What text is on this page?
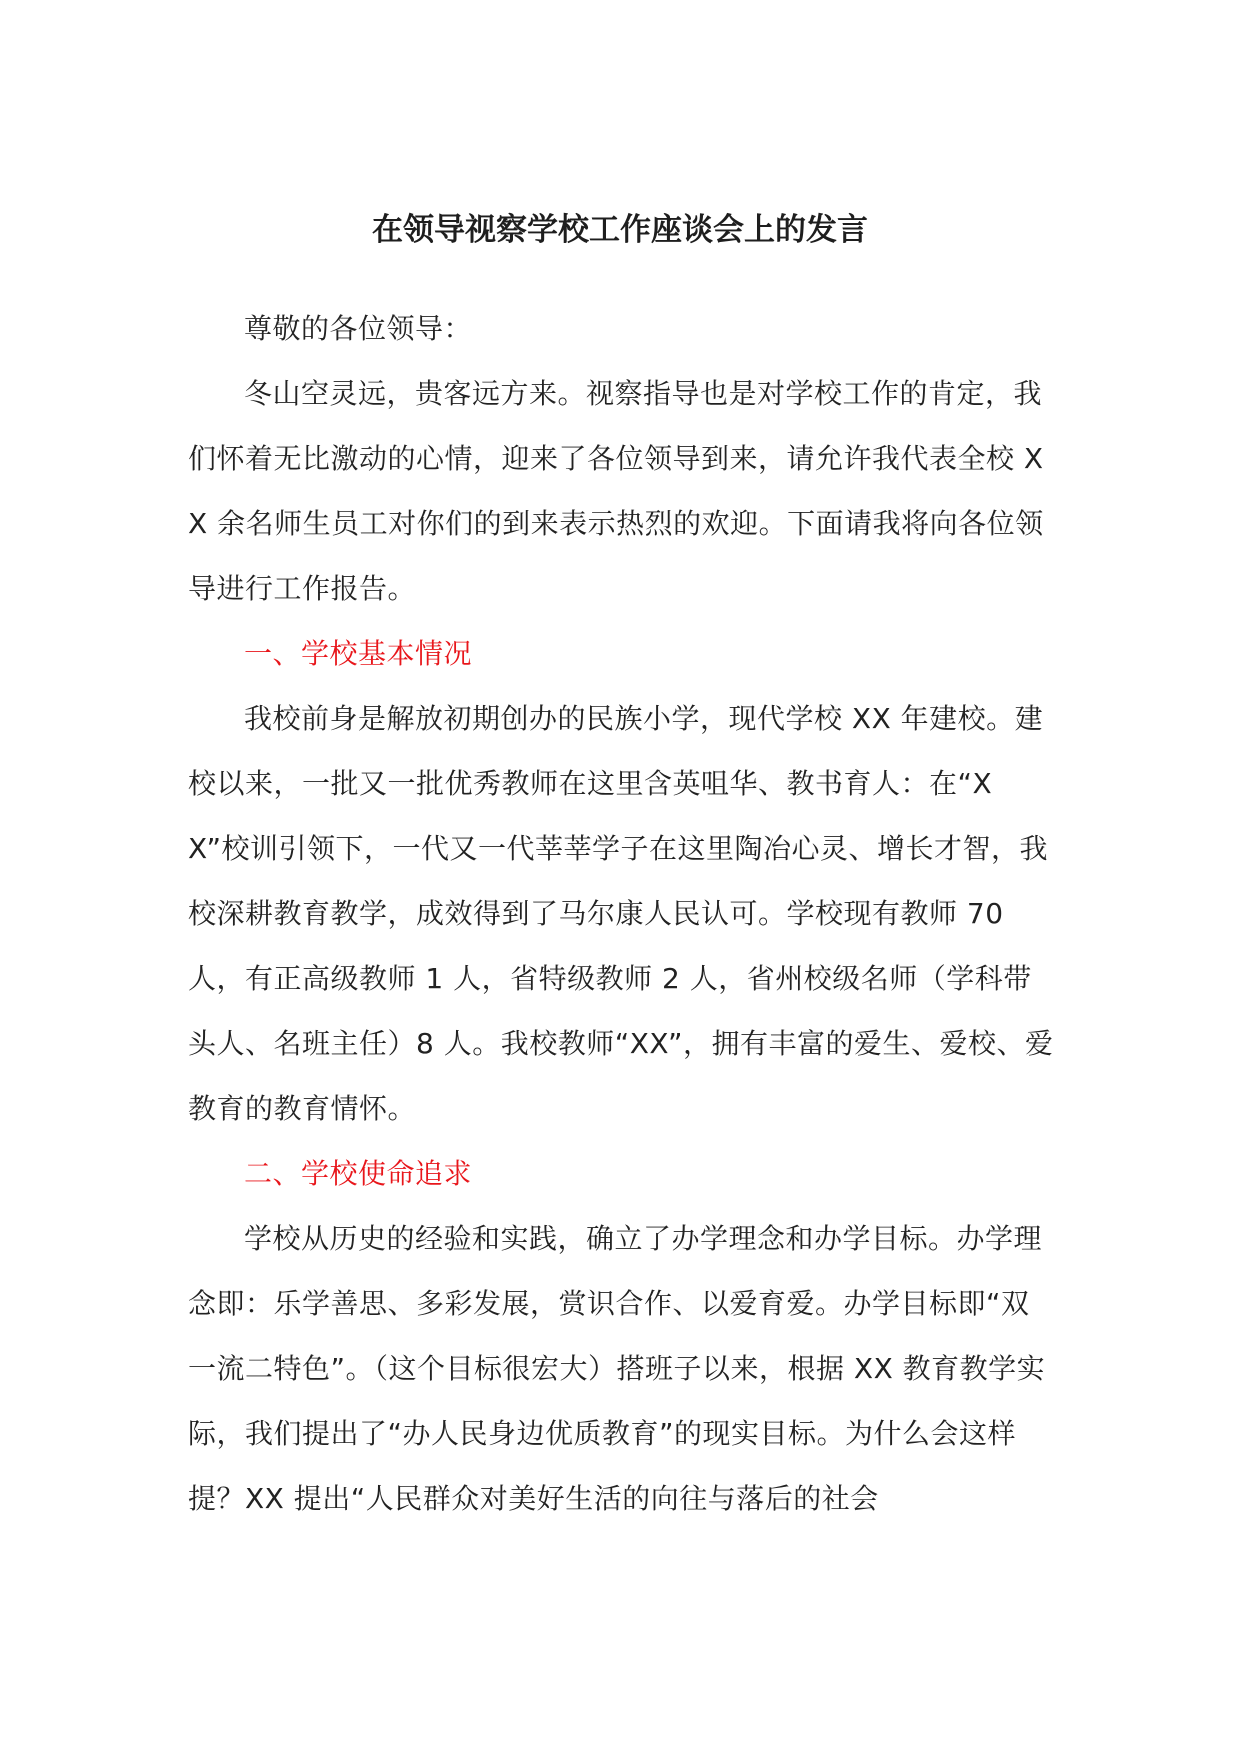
在领导视察学校工作座谈会上的发言

尊敬的各位领导：

冬山空灵远，贵客远方来。视察指导也是对学校工作的肯定，我们怀着无比激动的心情，迎来了各位领导到来，请允许我代表全校 XX 余名师生员工对你们的到来表示热烈的欢迎。下面请我将向各位领导进行工作报告。

一、学校基本情况

我校前身是解放初期创办的民族小学，现代学校 XX 年建校。建校以来，一批又一批优秀教师在这里含英咀华、教书育人：在“XX”校训引领下，一代又一代莘莘学子在这里陶冶心灵、增长才智，我校深耕教育教学，成效得到了马尔康人民认可。学校现有教师 70 人，有正高级教师 1 人，省特级教师 2 人，省州校级名师（学科带头人、名班主任）8 人。我校教师“XX”，拥有丰富的爱生、爱校、爱教育的教育情怀。

二、学校使命追求

学校从历史的经验和实践，确立了办学理念和办学目标。办学理念即：乐学善思、多彩发展，赏识合作、以爱育爱。办学目标即“双一流二特色”。（这个目标很宏大）搭班子以来，根据 XX 教育教学实际，我们提出了“办人民身边优质教育”的现实目标。为什么会这样提？XX 提出“人民群众对美好生活的向往与落后的社会
